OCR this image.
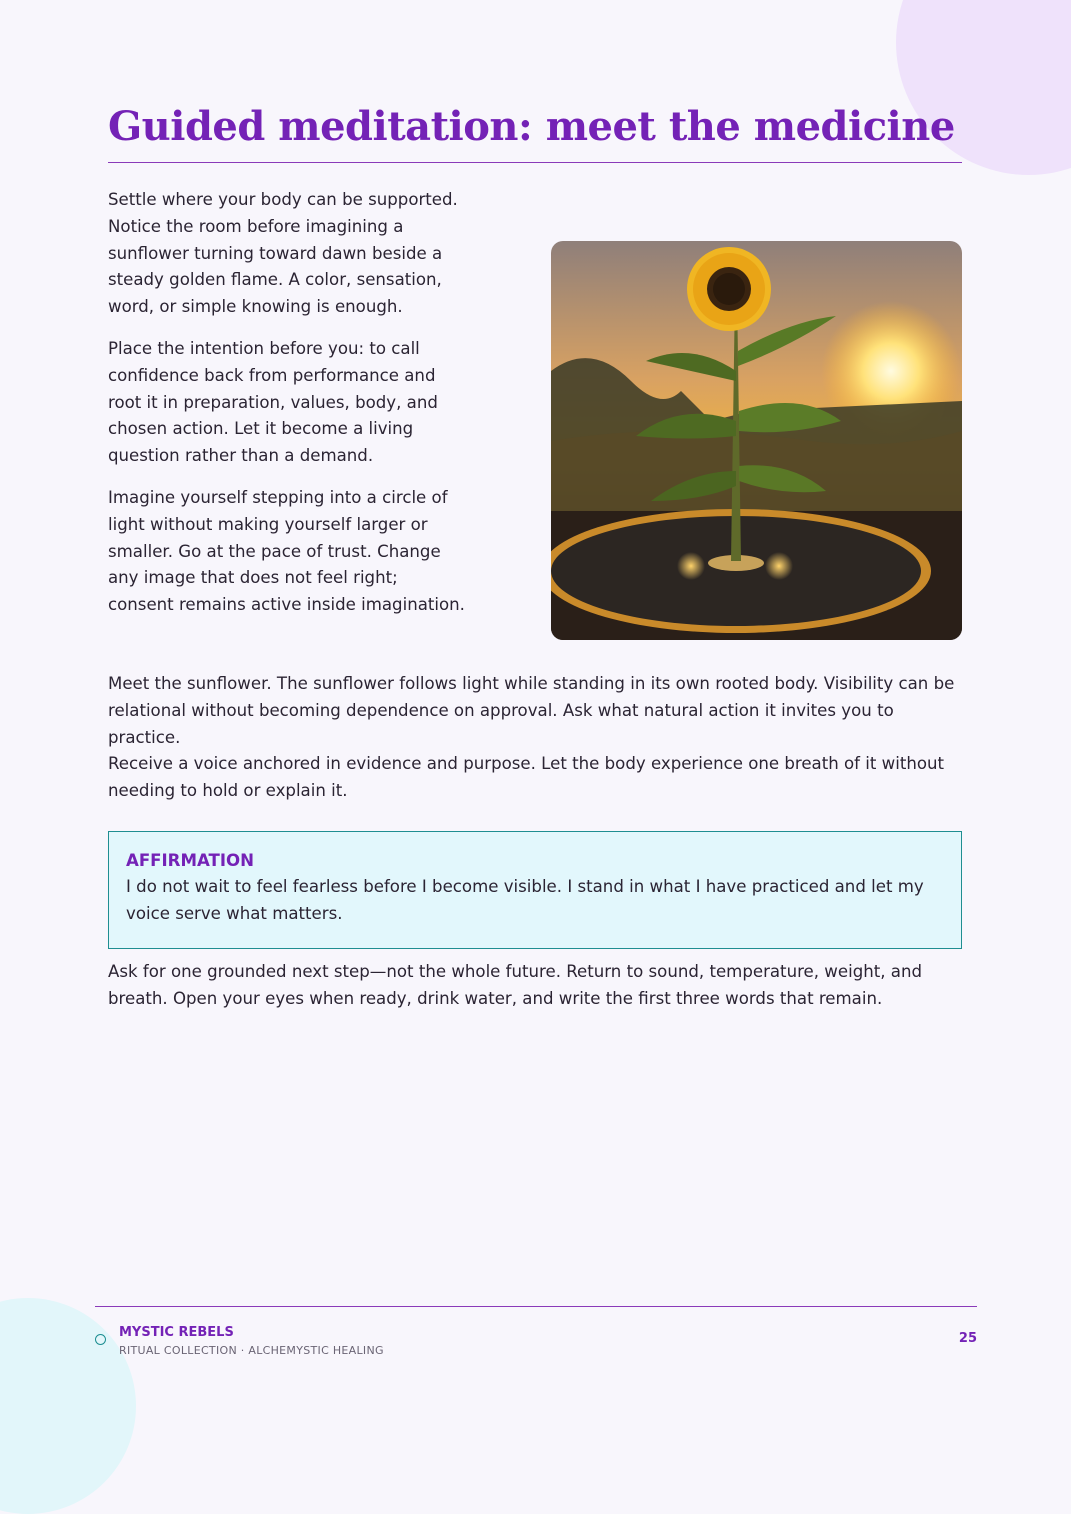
Guided meditation: meet the medicine

Settle where your body can be supported. Notice the room before imagining a sunflower turning toward dawn beside a steady golden flame. A color, sensation, word, or simple knowing is enough.

Place the intention before you: to call confidence back from performance and root it in preparation, values, body, and chosen action. Let it become a living question rather than a demand.

Imagine yourself stepping into a circle of light without making yourself larger or smaller. Go at the pace of trust. Change any image that does not feel right; consent remains active inside imagination.

Meet the sunflower. The sunflower follows light while standing in its own rooted body. Visibility can be relational without becoming dependence on approval. Ask what natural action it invites you to practice.

Receive a voice anchored in evidence and purpose. Let the body experience one breath of it without needing to hold or explain it.

AFFIRMATION

I do not wait to feel fearless before I become visible. I stand in what I have practiced and let my voice serve what matters.

Ask for one grounded next step—not the whole future. Return to sound, temperature, weight, and breath. Open your eyes when ready, drink water, and write the first three words that remain.

MYSTIC REBELS
RITUAL COLLECTION · ALCHEMYSTIC HEALING
25
